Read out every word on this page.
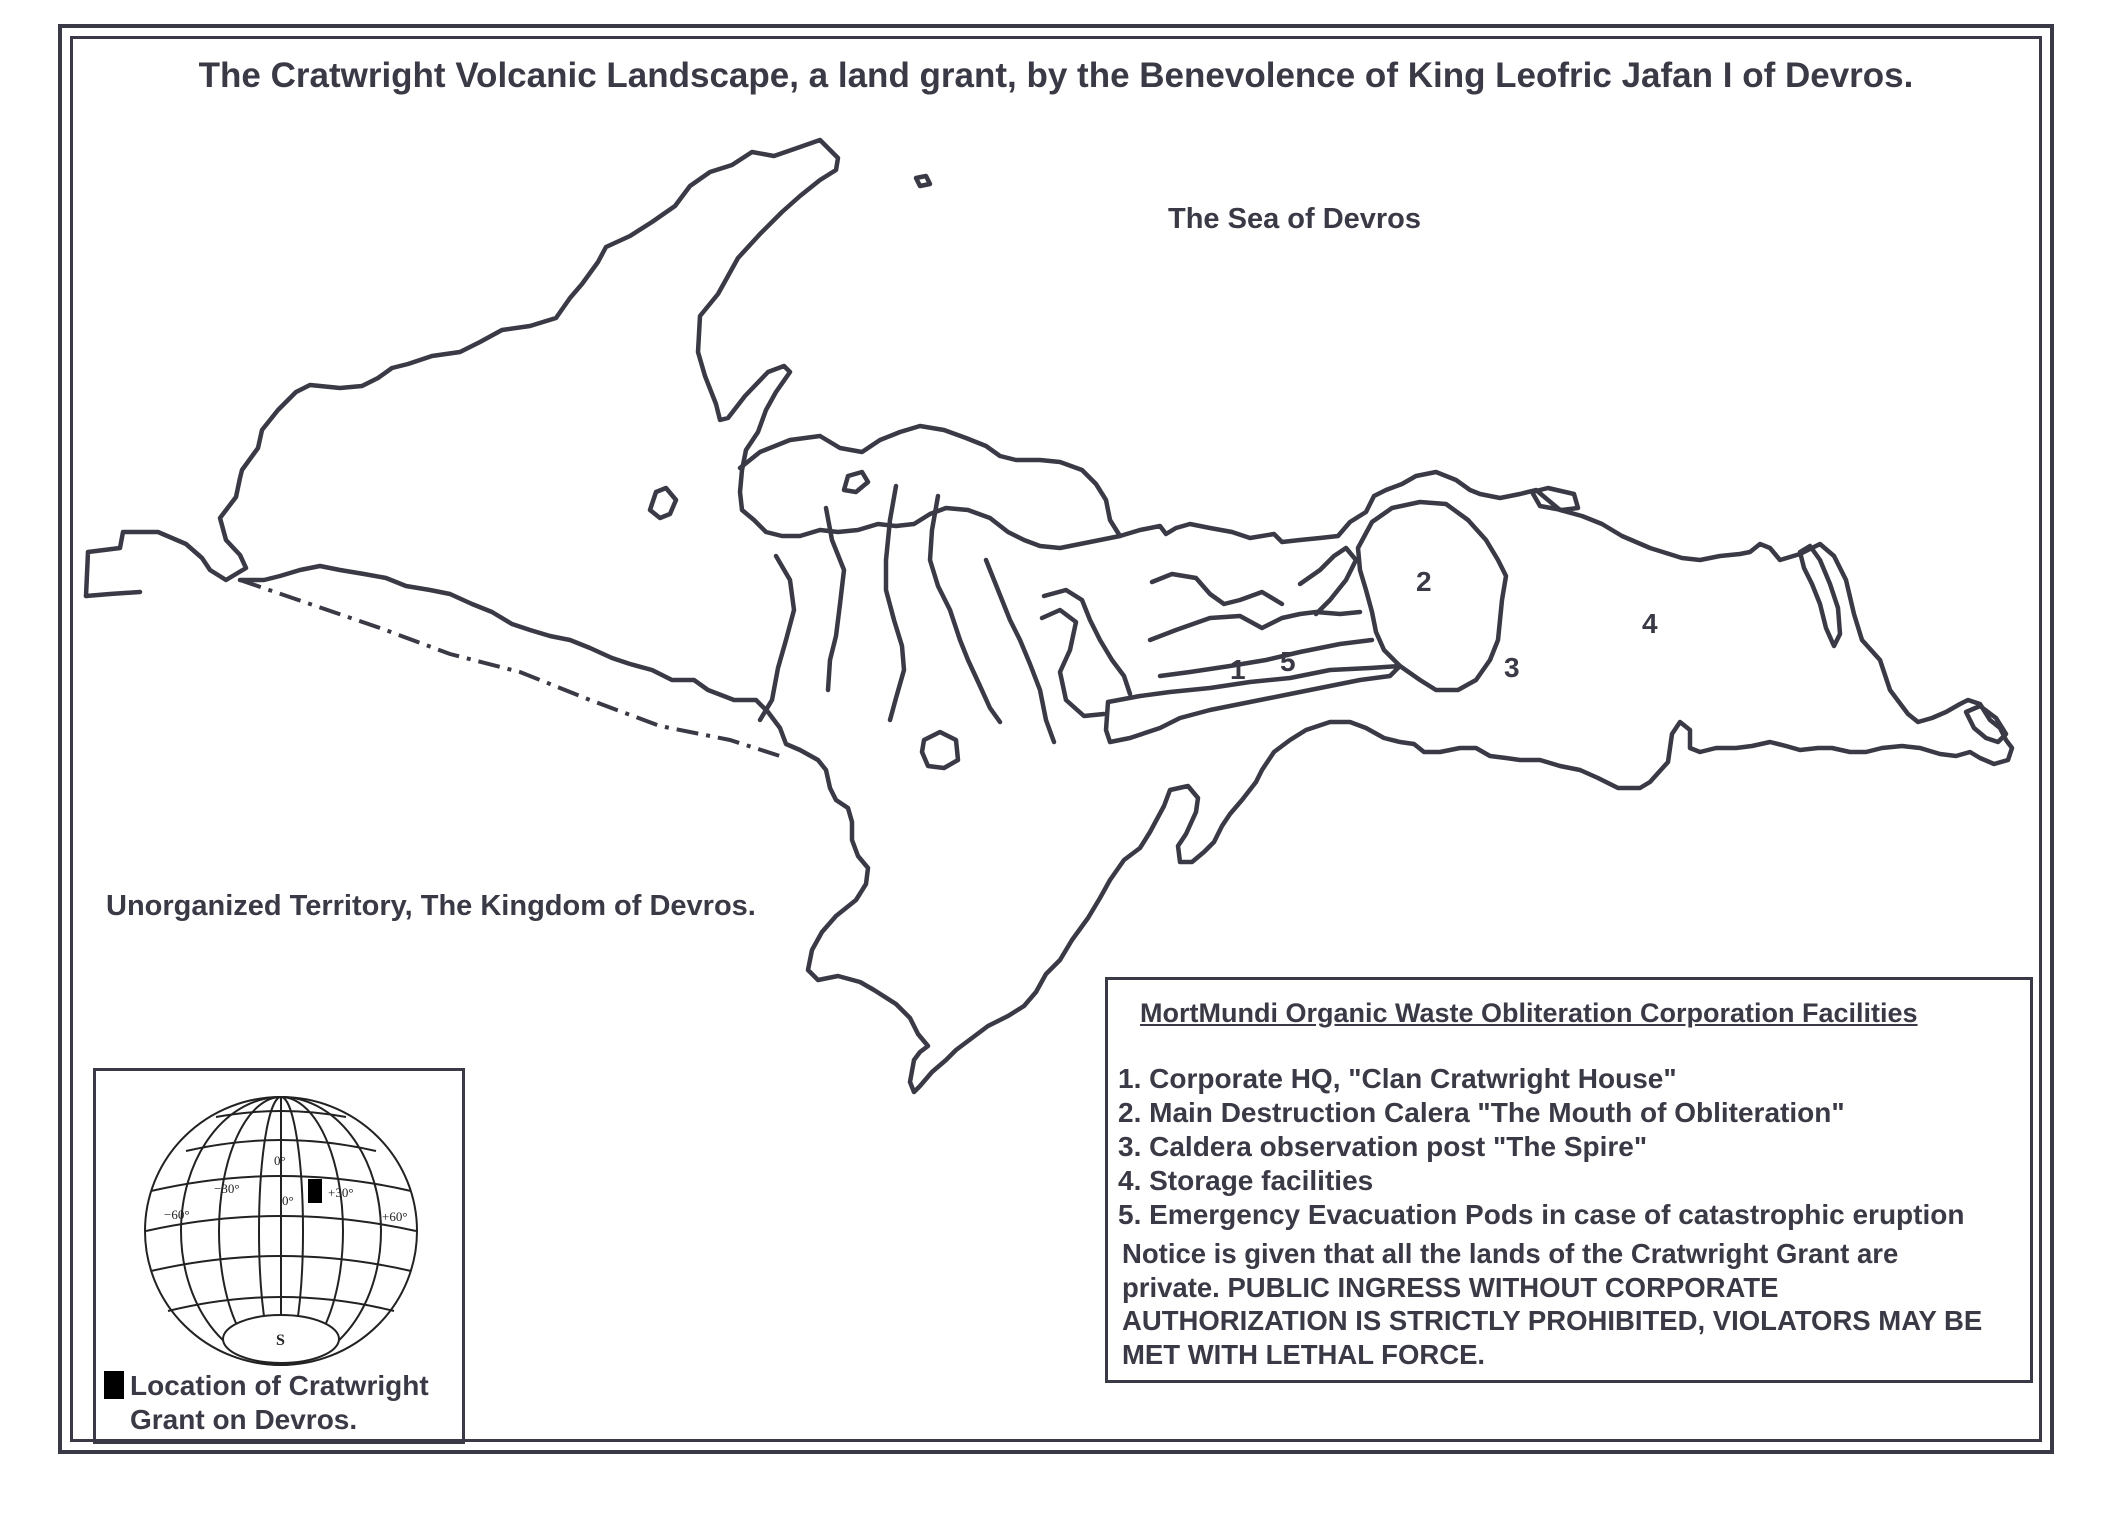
The Cratwright Volcanic Landscape, a land grant, by the Benevolence of King Leofric Jafan I of Devros.
The Sea of Devros
Unorganized Territory, The Kingdom of Devros.
1 5
2
3
4
MortMundi Organic Waste Obliteration Corporation Facilities
1. Corporate HQ, "Clan Cratwright House"
2. Main Destruction Calera "The Mouth of Obliteration"
3. Caldera observation post "The Spire"
4. Storage facilities
5. Emergency Evacuation Pods in case of catastrophic eruption
Notice is given that all the lands of the Cratwright Grant are private. PUBLIC INGRESS WITHOUT CORPORATE AUTHORIZATION IS STRICTLY PROHIBITED, VIOLATORS MAY BE MET WITH LETHAL FORCE.
0°
0°
−30°	+30°
−60°	+60°
S
Location of Cratwright
Grant on Devros.
